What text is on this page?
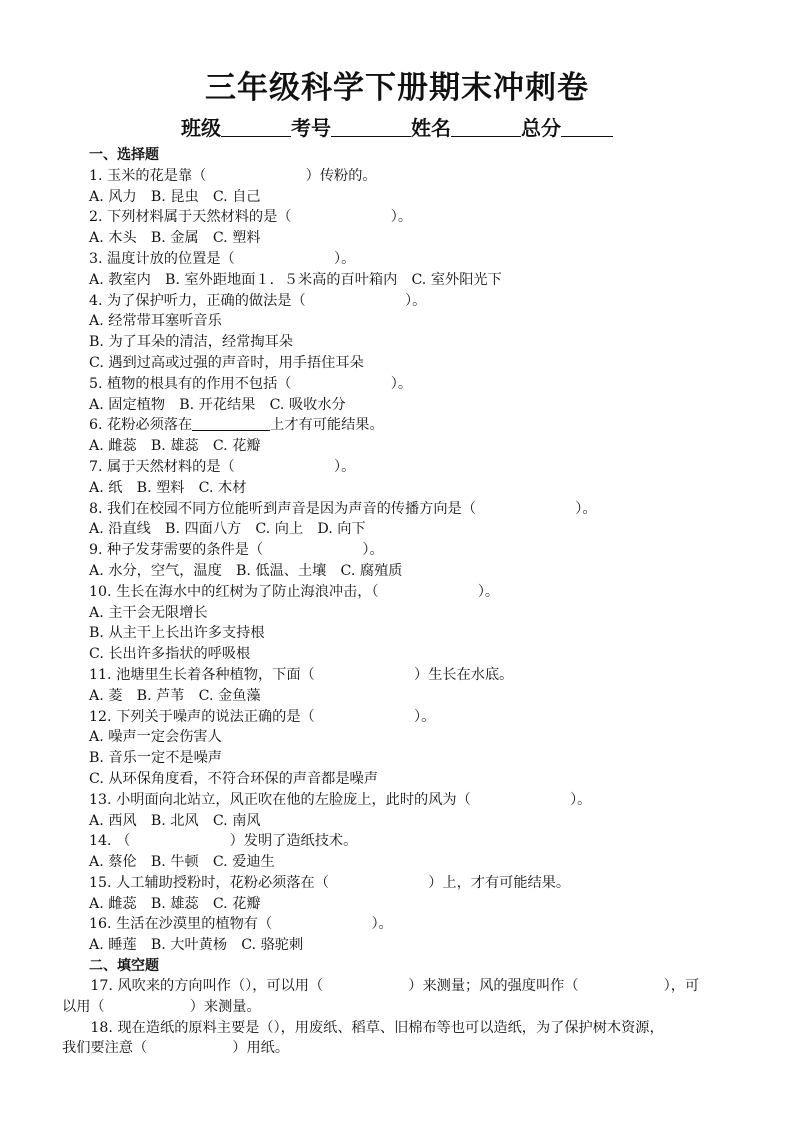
三年级科学下册期末冲刺卷
班级	考号	姓名	总分
一、选择题
1. 玉米的花是靠（　　　　　　　）传粉的。
A. 风力　B. 昆虫　C. 自己
2. 下列材料属于天然材料的是（　　　　　　　）。
A. 木头　B. 金属　C. 塑料
3. 温度计放的位置是（　　　　　　　）。
A. 教室内　B. 室外距地面１．５米高的百叶箱内　C. 室外阳光下
4. 为了保护听力，正确的做法是（　　　　　　　）。
A. 经常带耳塞听音乐
B. 为了耳朵的清洁，经常掏耳朵
C. 遇到过高或过强的声音时，用手捂住耳朵
5. 植物的根具有的作用不包括（　　　　　　　）。
A. 固定植物　B. 开花结果　C. 吸收水分
6. 花粉必须落在	上才有可能结果。
A. 雌蕊　B. 雄蕊　C. 花瓣
7. 属于天然材料的是（　　　　　　　）。
A. 纸　B. 塑料　C. 木材
8. 我们在校园不同方位能听到声音是因为声音的传播方向是（　　　　　　　）。
A. 沿直线　B. 四面八方　C. 向上　D. 向下
9. 种子发芽需要的条件是（　　　　　　　）。
A. 水分，空气，温度　B. 低温、土壤　C. 腐殖质
10. 生长在海水中的红树为了防止海浪冲击，（　　　　　　　）。
A. 主干会无限增长
B. 从主干上长出许多支持根
C. 长出许多指状的呼吸根
11. 池塘里生长着各种植物，下面（　　　　　　　）生长在水底。
A. 菱　B. 芦苇　C. 金鱼藻
12. 下列关于噪声的说法正确的是（　　　　　　　）。
A. 噪声一定会伤害人
B. 音乐一定不是噪声
C. 从环保角度看，不符合环保的声音都是噪声
13. 小明面向北站立，风正吹在他的左脸庞上，此时的风为（　　　　　　　）。
A. 西风　B. 北风　C. 南风
14. （　　　　　　　）发明了造纸技术。
A. 蔡伦　B. 牛顿　C. 爱迪生
15. 人工辅助授粉时，花粉必须落在（　　　　　　　）上，才有可能结果。
A. 雌蕊　B. 雄蕊　C. 花瓣
16. 生活在沙漠里的植物有（　　　　　　　）。
A. 睡莲　B. 大叶黄杨　C. 骆驼刺
二、填空题
　　17. 风吹来的方向叫作（），可以用（　　　　　　）来测量；风的强度叫作（　　　　　　），可
以用（　　　　　　）来测量。
　　18. 现在造纸的原料主要是（），用废纸、稻草、旧棉布等也可以造纸，为了保护树木资源，
我们要注意（　　　　　　）用纸。
